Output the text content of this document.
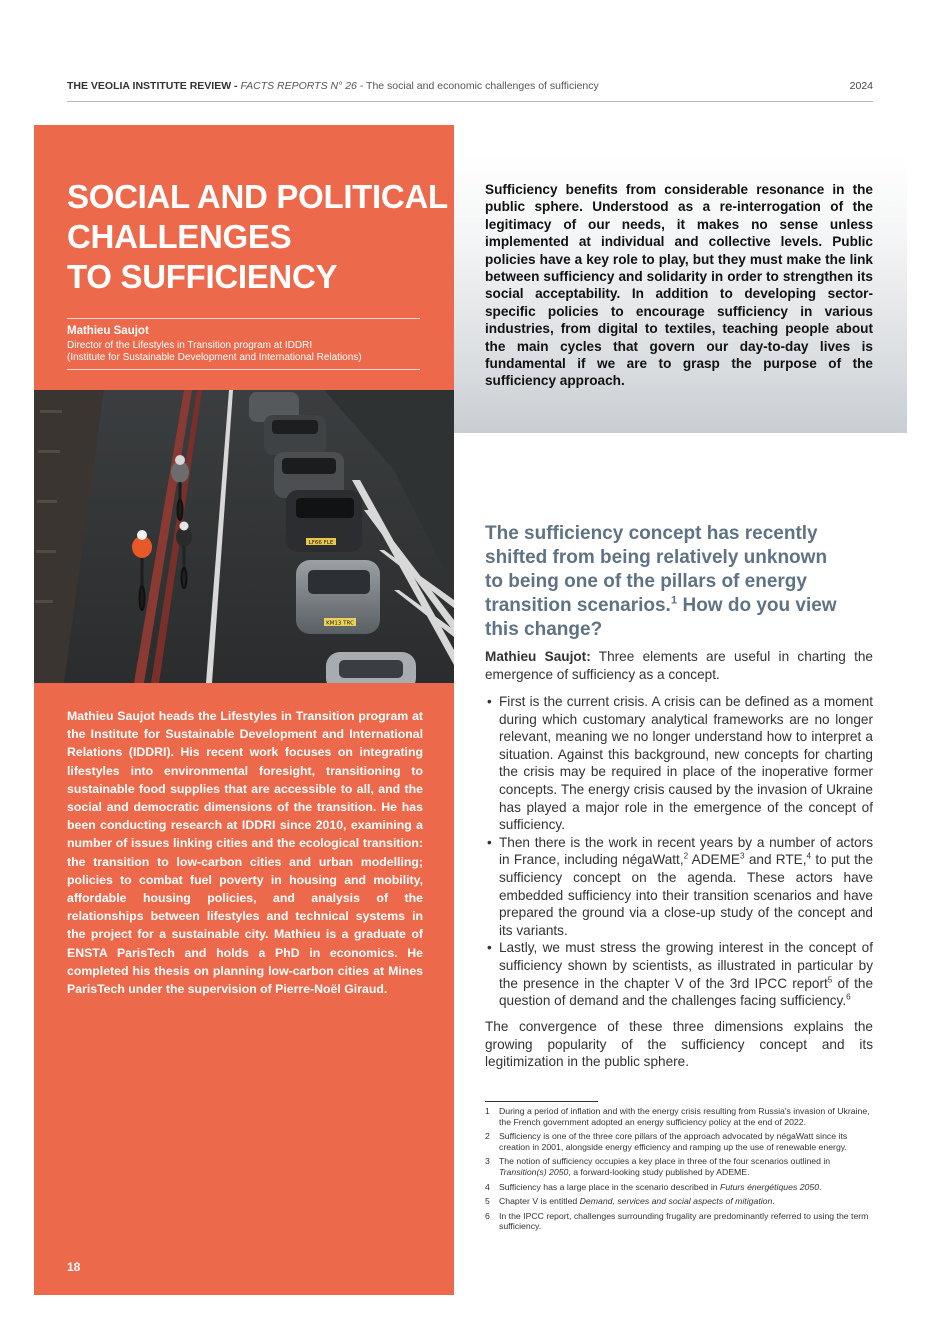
THE VEOLIA INSTITUTE REVIEW - FACTS REPORTS N° 26 - The social and economic challenges of sufficiency	2024
SOCIAL AND POLITICAL
CHALLENGES
TO SUFFICIENCY
Mathieu Saujot
Director of the Lifestyles in Transition program at IDDRI
(Institute for Sustainable Development and International Relations)

Sufficiency benefits from considerable resonance in the public sphere. Understood as a re-interrogation of the legitimacy of our needs, it makes no sense unless implemented at individual and collective levels. Public policies have a key role to play, but they must make the link between sufficiency and solidarity in order to strengthen its social acceptability. In addition to developing sector-specific policies to encourage sufficiency in various industries, from digital to textiles, teaching people about the main cycles that govern our day-to-day lives is fundamental if we are to grasp the purpose of the sufficiency approach.

LF66 FLE
KM13 TRC

Mathieu Saujot heads the Lifestyles in Transition program at the Institute for Sustainable Development and International Relations (IDDRI). His recent work focuses on integrating lifestyles into environmental foresight, transitioning to sustainable food supplies that are accessible to all, and the social and democratic dimensions of the transition. He has been conducting research at IDDRI since 2010, examining a number of issues linking cities and the ecological transition: the transition to low-carbon cities and urban modelling; policies to combat fuel poverty in housing and mobility, affordable housing policies, and analysis of the relationships between lifestyles and technical systems in the project for a sustainable city. Mathieu is a graduate of ENSTA ParisTech and holds a PhD in economics. He completed his thesis on planning low-carbon cities at Mines ParisTech under the supervision of Pierre-Noël Giraud.

18
The sufficiency concept has recently
shifted from being relatively unknown
to being one of the pillars of energy
transition scenarios.$^1$ How do you view
this change?

Mathieu Saujot: Three elements are useful in charting the emergence of sufficiency as a concept.

• First is the current crisis. A crisis can be defined as a moment during which customary analytical frameworks are no longer relevant, meaning we no longer understand how to interpret a situation. Against this background, new concepts for charting the crisis may be required in place of the inoperative former concepts. The energy crisis caused by the invasion of Ukraine has played a major role in the emergence of the concept of sufficiency.
• Then there is the work in recent years by a number of actors in France, including négaWatt,$^2$ ADEME$^3$ and RTE,$^4$ to put the sufficiency concept on the agenda. These actors have embedded sufficiency into their transition scenarios and have prepared the ground via a close-up study of the concept and its variants.
• Lastly, we must stress the growing interest in the concept of sufficiency shown by scientists, as illustrated in particular by the presence in the chapter V of the 3rd IPCC report$^5$ of the question of demand and the challenges facing sufficiency.$^6$

The convergence of these three dimensions explains the growing popularity of the sufficiency concept and its legitimization in the public sphere.

1 During a period of inflation and with the energy crisis resulting from Russia's invasion of Ukraine, the French government adopted an energy sufficiency policy at the end of 2022.
2 Sufficiency is one of the three core pillars of the approach advocated by négaWatt since its creation in 2001, alongside energy efficiency and ramping up the use of renewable energy.
3 The notion of sufficiency occupies a key place in three of the four scenarios outlined in Transition(s) 2050, a forward-looking study published by ADEME.
4 Sufficiency has a large place in the scenario described in Futurs énergétiques 2050.
5 Chapter V is entitled Demand, services and social aspects of mitigation.
6 In the IPCC report, challenges surrounding frugality are predominantly referred to using the term sufficiency.
